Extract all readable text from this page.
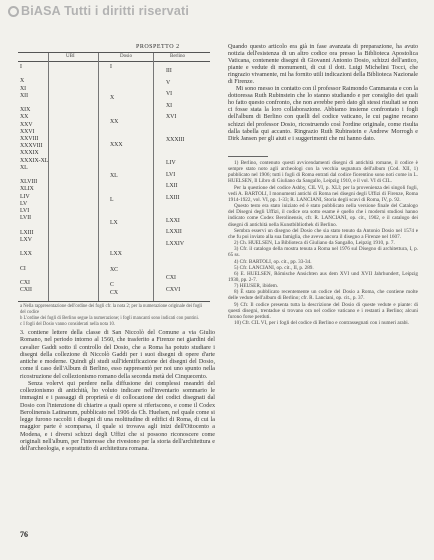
BiASA Tutti i diritti riservati
PROSPETTO 2
UBI	Dosio	Berlino
I
X
XI
XII
XIX
XX
XXV
XXVI
XXVIII
XXXVIII
XXXIX
XXXIX-XL
XL
XLVIII
XLIX
LIV
LV
LVI
LVII
LXIII
LXV
LXX
CI
CXI
CXII
I
X
XX
XXX
XL
L
LX
LXX
XC
C
CX
III
V
VI
XI
XVI
XXXIII
LIV
LVI
LXII
LXIII
LXXI
LXXII
LXXIV
CXI
CXVI
a Nella rappresentazione dell'ordine dei fogli cfr. la nota 2; per la numerazione originale dei fogli del codice
b L'ordine dei fogli di Berlino segue la numerazione; i fogli mancanti sono indicati con puntini.
c I fogli del Dosio vanno considerati nella nota 10.

Quando questo articolo era già in fase avanzata di preparazione, ha avuto notizia dell'esistenza di un altro codice ora presso la Biblioteca Apostolica Vaticana, contenente disegni di Giovanni Antonio Dosio, schizzi dell'antico, piante e vedute di monumenti, di cui il dott. Luigi Michelini Tocci, che ringrazio vivamente, mi ha fornito utili indicazioni della Biblioteca Nazionale di Firenze.

Mi sono messo in contatto con il professor Raimondo Cammarata e con la dottoressa Ruth Rubinstein che lo stanno studiando e per consiglio dei quali ho fatto questo confronto, che non avrebbe però dato gli stessi risultati se non ci fosse stata la loro collaborazione. Abbiamo insieme confrontato i fogli dell'album di Berlino con quelli del codice vaticano, le cui pagine recano schizzi del professor Dosio, ricostruendo così l'ordine originale, come risulta dalla tabella qui accanto. Ringrazio Ruth Rubinstein e Andrew Morrogh e Dirk Jansen per gli aiuti e i suggerimenti che mi hanno dato.

1) Berlino, contenuto questi avvicendamenti disegni di antichità romane, il codice è sempre stato noto agli archeologi con la vecchia segnatura dell'album (Cod. XII, 1) pubblicato nel 1906; tutti i fogli di Roma entrati dal codice fiorentino sono noti come in L. HUELSEN, Il Libro di Giuliano da Sangallo, Leipzig 1910, e il vol. VI di CIL.

Per la questione del codice Ashby, CIL VI, p. XLI; per la provenienza dei singoli fogli, vedi A. BARTOLI, I monumenti antichi di Roma nei disegni degli Uffizi di Firenze, Roma 1914-1922, vol. VI, pp. 1-33; R. LANCIANI, Storia degli scavi di Roma, IV, p. 92.

Questo testo era stato iniziato ed è stato pubblicato nella versione finale del Catalogo del Disegni degli Uffizi, il codice ora sotto esame è quello che i moderni studiosi hanno indicato come Codex Berolinensis, cfr. R. LANCIANI, op. cit., 1902, e il catalogo dei disegni di antichità nella Kunstbibliothek di Berlino.

Sembra esservi un disegno del Dosio che sia stato tenuto da Antonio Dosio nel 1574 e che fu poi inviato alla sua famiglia, che aveva ancora il disegno a Firenze nel 1607.

2) Ch. HUELSEN, La Biblioteca di Giuliano da Sangallo, Leipzig 1910, p. 7.

3) Cfr. il catalogo della mostra tenuta a Roma nel 1976 sul Disegno di architettura, I, p. 65 ss.

4) Cfr. BARTOLI, op. cit., pp. 33-34.

5) Cfr. LANCIANI, op. cit., II, p. 289.

6) E. HUELSEN, Römische Ansichten aus dem XVI und XVII Jahrhundert, Leipzig 1930, pp. 2-7.

7) HEUSER, ibidem.

8) È stato pubblicato recentemente un codice del Dosio a Roma, che contiene molte delle vedute dell'album di Berlino; cfr. R. Lanciani, op. cit., p. 37.

9) Cfr. Il codice presenta tutta la descrizione del Dosio di queste vedute e piante: di questi disegni, trentadue si trovano ora nel codice vaticano e i restanti a Berlino; alcuni furono forse perduti.

10) Cfr. CIL VI, per i fogli del codice di Berlino e contrassegnati con i numeri arabi.

3. contiene lettere della classe di San Niccolò del Comune a via Giulio Romano, nel periodo intorno al 1560, che trasferito a Firenze nei giardini del cavalier Gaddi sotto il controllo del Dosio, che a Roma ha potuto studiare i disegni della collezione di Niccolò Gaddi per i suoi disegni di opere d'arte antiche e moderne. Quindi gli studi sull'identificazione dei disegni del Dosio, come il caso dell'Album di Berlino, esso rappresentò per noi uno spunto nella ricostruzione del collezionismo romano della seconda metà del Cinquecento.

Senza volervi qui perdere nella diffusione dei complessi meandri del collezionismo di antichità, ho voluto indicare nell'inventario sommario le immagini e i passaggi di proprietà e di collocazione dei codici disegnati dal Dosio con l'intenzione di chiarire a quali opere si riferiscono, e come il Codex Berolinensis Latinarum, pubblicato nel 1906 da Ch. Huelsen, nel quale come si legge furono raccolti i disegni di una moltitudine di edifici di Roma, di cui la maggior parte è scomparsa, il quale si trovava agli inizi dell'Ottocento a Modena, e i diversi schizzi degli Uffizi che si possono riconoscere come originali nell'album, per l'interesse che rivestono per la storia dell'architettura e dell'archeologia, e soprattutto di architettura romana.

76
